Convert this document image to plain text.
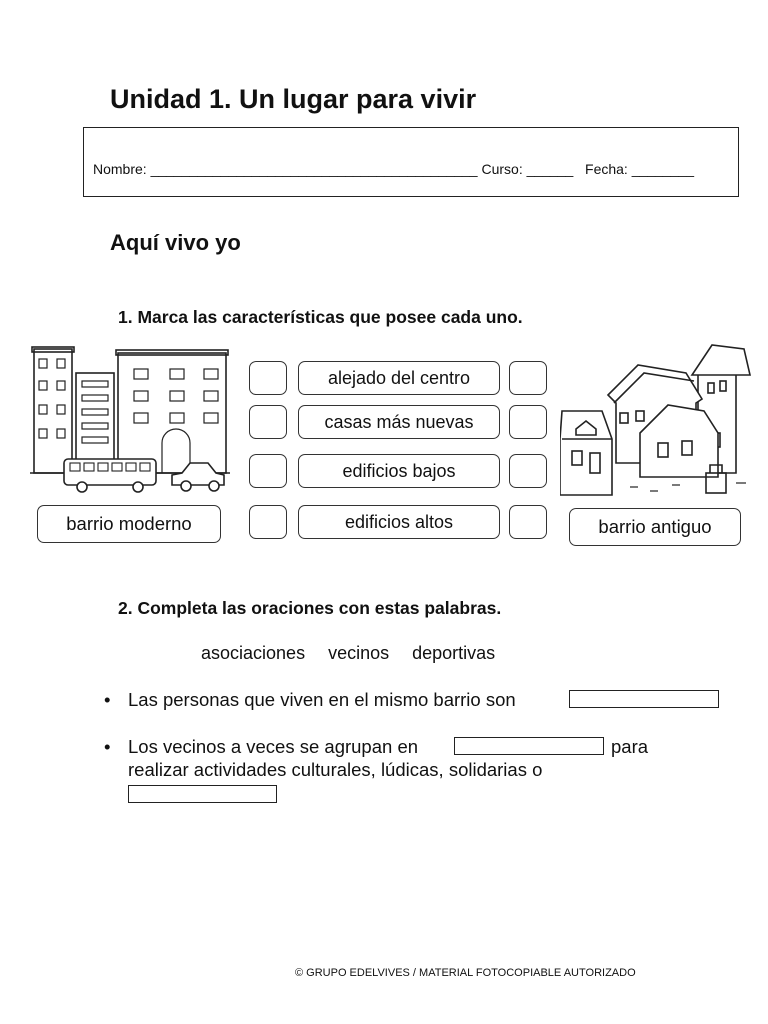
Unidad 1. Un lugar para vivir
Nombre: __________________________________________ Curso: ______ Fecha: ________
Aquí vivo yo
1. Marca las características que posee cada uno.
alejado del centro
casas más nuevas
edificios bajos
edificios altos
barrio moderno	barrio antiguo
2. Completa las oraciones con estas palabras.
asociaciones vecinos deportivas
• Las personas que viven en el mismo barrio son
• Los vecinos a veces se agrupan en	para
realizar actividades culturales, lúdicas, solidarias o
© GRUPO EDELVIVES / MATERIAL FOTOCOPIABLE AUTORIZADO
